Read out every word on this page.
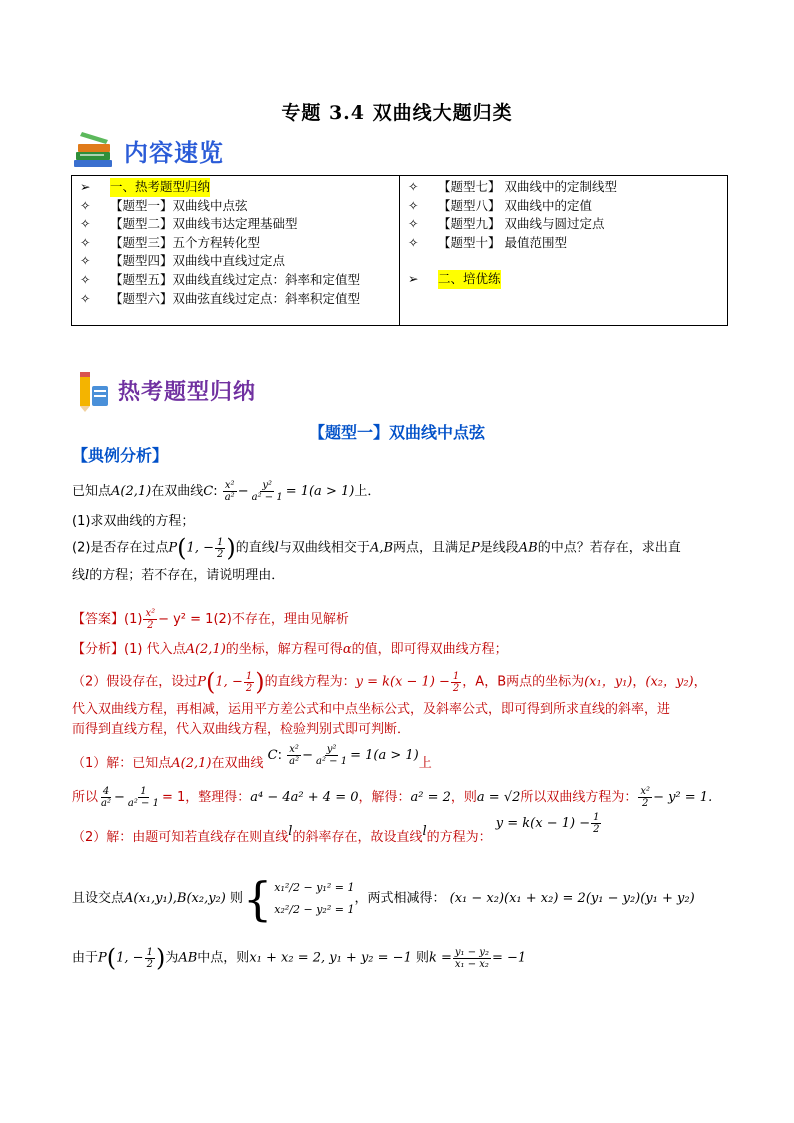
专题 3.4 双曲线大题归类
内容速览
➢	一、热考题型归纳
✧	【题型一】双曲线中点弦
✧	【题型二】双曲线韦达定理基础型
✧	【题型三】五个方程转化型
✧	【题型四】双曲线中直线过定点
✧	【题型五】双曲线直线过定点：斜率和定值型
✧	【题型六】双曲弦直线过定点：斜率积定值型
✧	【题型七】 双曲线中的定制线型
✧	【题型八】 双曲线中的定值
✧	【题型九】 双曲线与圆过定点
✧	【题型十】 最值范围型
➢	二、培优练
热考题型归纳
【题型一】双曲线中点弦
【典例分析】
已知点A(2,1)在双曲线C: $\frac{\text{x²}}{\text{a²}} - \frac{\text{y²}}{\text{a² − 1}} = 1(a > 1)$上．
(1)求双曲线的方程；
(2)是否存在过点P(1, − $\frac{1}{2}$ )的直线l与双曲线相交于A,B两点，且满足P是线段AB的中点？若存在，求出直
线l的方程；若不存在，请说明理由．
【答案】$(1) \frac{\text{x²}}{2} - y^2 = 1(2)$不存在，理由见解析
【分析】(1) 代入点A(2,1)的坐标，解方程可得α的值，即可得双曲线方程；
（2）假设存在，设过P(1, − $\frac{1}{2}$ )的直线方程为：$y = k(x - 1) - \frac{1}{2}$ ，A，B两点的坐标为(x₁，y₁)，(x₂，y₂)，
代入双曲线方程，再相减，运用平方差公式和中点坐标公式，及斜率公式，即可得到所求直线的斜率，进
而得到直线方程，代入双曲线方程，检验判别式即可判断．
（1）解：已知点A(2,1)在双曲线 C: $\frac{\text{x²}}{\text{a²}} - \frac{\text{y²}}{\text{a² − 1}} = 1(a > 1)$上
所以 $\frac{4}{\text{a²}} - \frac{1}{\text{a² − 1}} = 1$，整理得：a⁴ − 4a² + 4 = 0，解得：a² = 2，则a = √2所以双曲线方程为： $\frac{\text{x²}}{2} - y^2 = 1$.
（2）解：由题可知若直线存在则直线l的斜率存在，故设直线l的方程为： $y = k(x - 1) - \frac{1}{2}$
且设交点 A(x₁,y₁),B(x₂,y₂)
则 { x₁²/2 − y₁² = 1
x₂²/2 − y₂² = 1
，两式相减得：
(x₁ − x₂)(x₁ + x₂) = 2(y₁ − y₂)(y₁ + y₂)
由于P(1, − $\frac{1}{2}$ )为AB中点，则x₁ + x₂ = 2, y₁ + y₂ = −1 则$k = \frac{\text{y₁ − y₂}}{\text{x₁ − x₂}} = -1$
